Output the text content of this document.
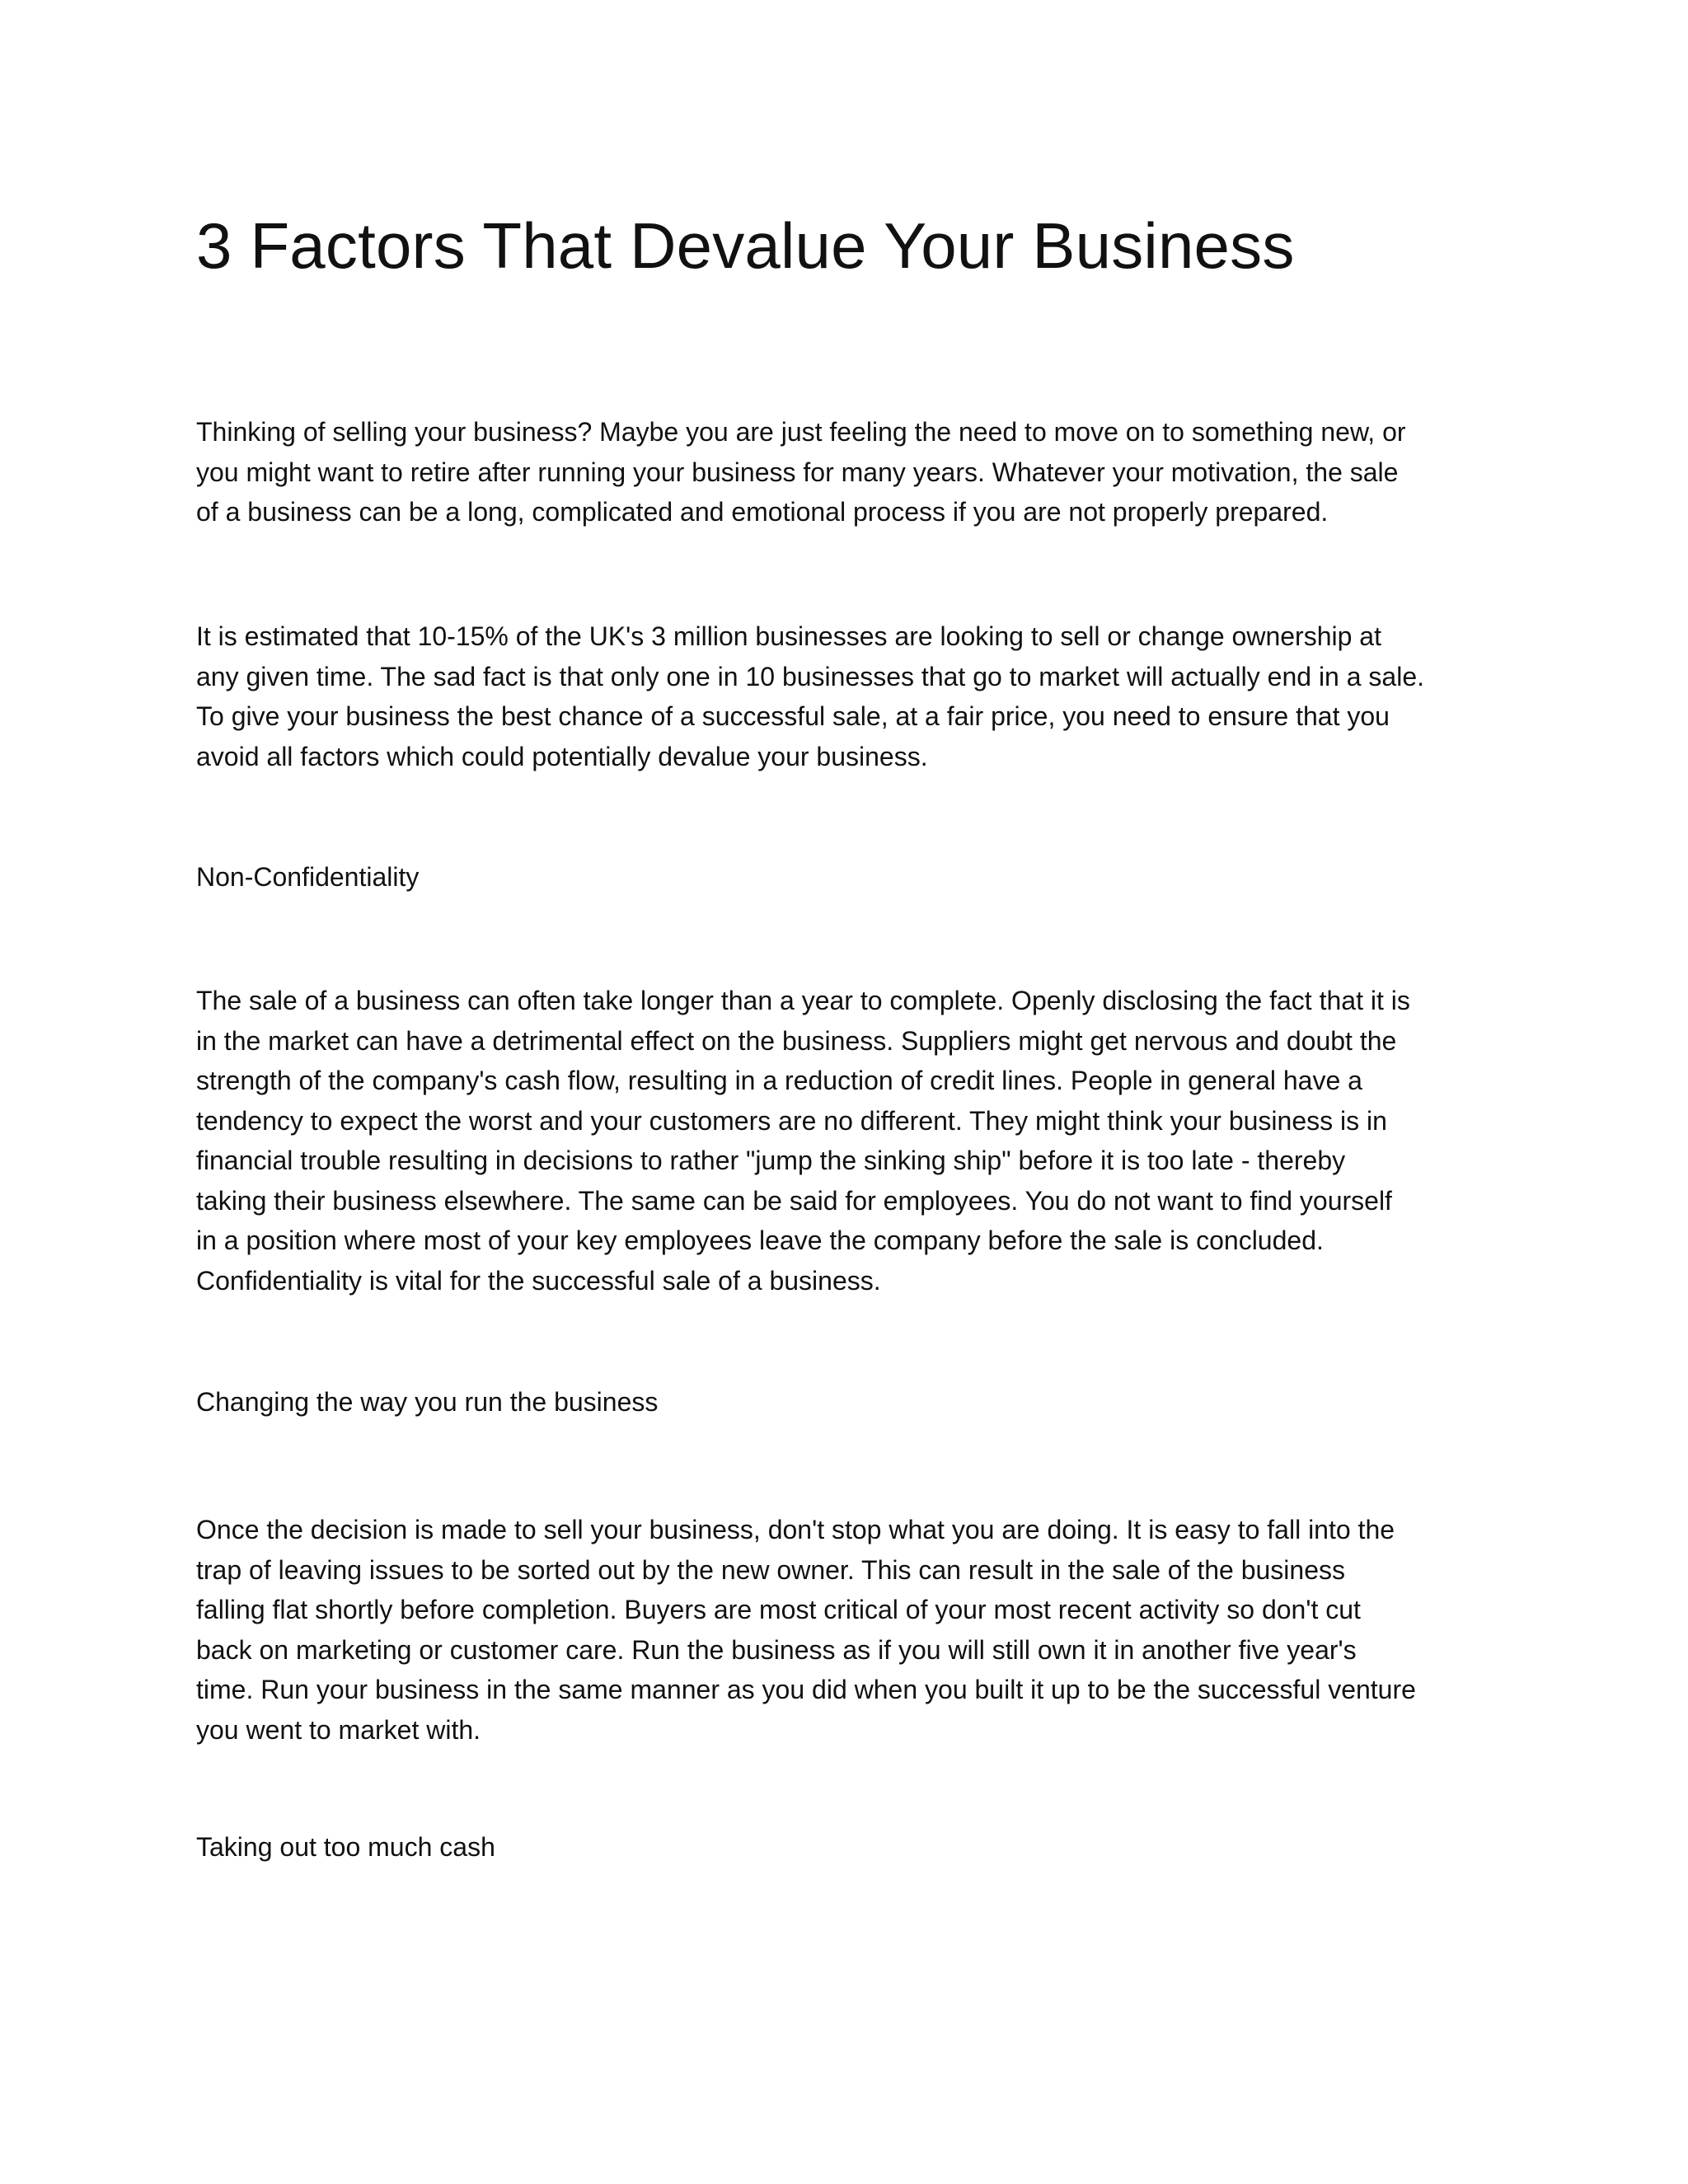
3 Factors That Devalue Your Business
Thinking of selling your business? Maybe you are just feeling the need to move on to something new, or
you might want to retire after running your business for many years. Whatever your motivation, the sale
of a business can be a long, complicated and emotional process if you are not properly prepared.
It is estimated that 10-15% of the UK's 3 million businesses are looking to sell or change ownership at
any given time. The sad fact is that only one in 10 businesses that go to market will actually end in a sale.
To give your business the best chance of a successful sale, at a fair price, you need to ensure that you
avoid all factors which could potentially devalue your business.
Non-Confidentiality
The sale of a business can often take longer than a year to complete. Openly disclosing the fact that it is
in the market can have a detrimental effect on the business. Suppliers might get nervous and doubt the
strength of the company's cash flow, resulting in a reduction of credit lines. People in general have a
tendency to expect the worst and your customers are no different. They might think your business is in
financial trouble resulting in decisions to rather "jump the sinking ship" before it is too late - thereby
taking their business elsewhere. The same can be said for employees. You do not want to find yourself
in a position where most of your key employees leave the company before the sale is concluded.
Confidentiality is vital for the successful sale of a business.
Changing the way you run the business
Once the decision is made to sell your business, don't stop what you are doing. It is easy to fall into the
trap of leaving issues to be sorted out by the new owner. This can result in the sale of the business
falling flat shortly before completion. Buyers are most critical of your most recent activity so don't cut
back on marketing or customer care. Run the business as if you will still own it in another five year's
time. Run your business in the same manner as you did when you built it up to be the successful venture
you went to market with.
Taking out too much cash
